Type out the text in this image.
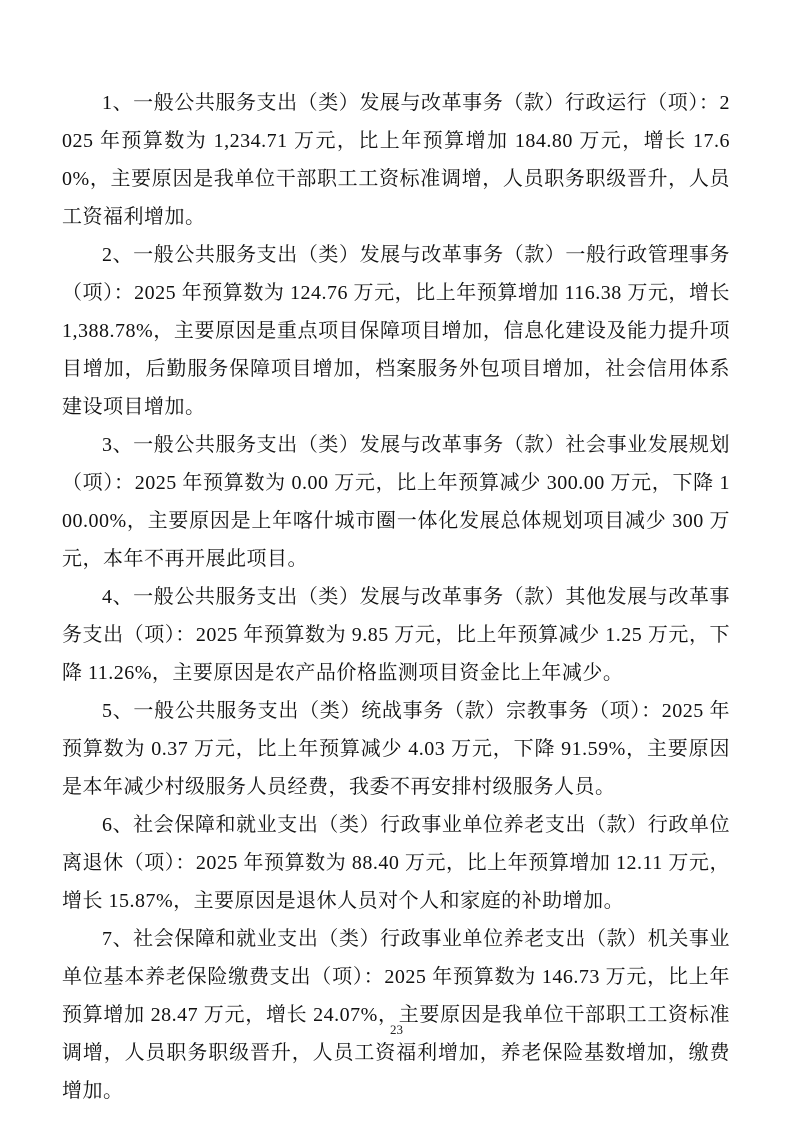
1、一般公共服务支出（类）发展与改革事务（款）行政运行（项）：2025 年预算数为 1,234.71 万元，比上年预算增加 184.80 万元，增长 17.60%，主要原因是我单位干部职工工资标准调增，人员职务职级晋升，人员工资福利增加。

2、一般公共服务支出（类）发展与改革事务（款）一般行政管理事务（项）：2025 年预算数为 124.76 万元，比上年预算增加 116.38 万元，增长 1,388.78%，主要原因是重点项目保障项目增加，信息化建设及能力提升项目增加，后勤服务保障项目增加，档案服务外包项目增加，社会信用体系建设项目增加。

3、一般公共服务支出（类）发展与改革事务（款）社会事业发展规划（项）：2025 年预算数为 0.00 万元，比上年预算减少 300.00 万元，下降 100.00%，主要原因是上年喀什城市圈一体化发展总体规划项目减少 300 万元，本年不再开展此项目。

4、一般公共服务支出（类）发展与改革事务（款）其他发展与改革事务支出（项）：2025 年预算数为 9.85 万元，比上年预算减少 1.25 万元，下降 11.26%，主要原因是农产品价格监测项目资金比上年减少。

5、一般公共服务支出（类）统战事务（款）宗教事务（项）：2025 年预算数为 0.37 万元，比上年预算减少 4.03 万元，下降 91.59%，主要原因是本年减少村级服务人员经费，我委不再安排村级服务人员。

6、社会保障和就业支出（类）行政事业单位养老支出（款）行政单位离退休（项）：2025 年预算数为 88.40 万元，比上年预算增加 12.11 万元，增长 15.87%，主要原因是退休人员对个人和家庭的补助增加。

7、社会保障和就业支出（类）行政事业单位养老支出（款）机关事业单位基本养老保险缴费支出（项）：2025 年预算数为 146.73 万元，比上年预算增加 28.47 万元，增长 24.07%，主要原因是我单位干部职工工资标准调增，人员职务职级晋升，人员工资福利增加，养老保险基数增加，缴费增加。

23
